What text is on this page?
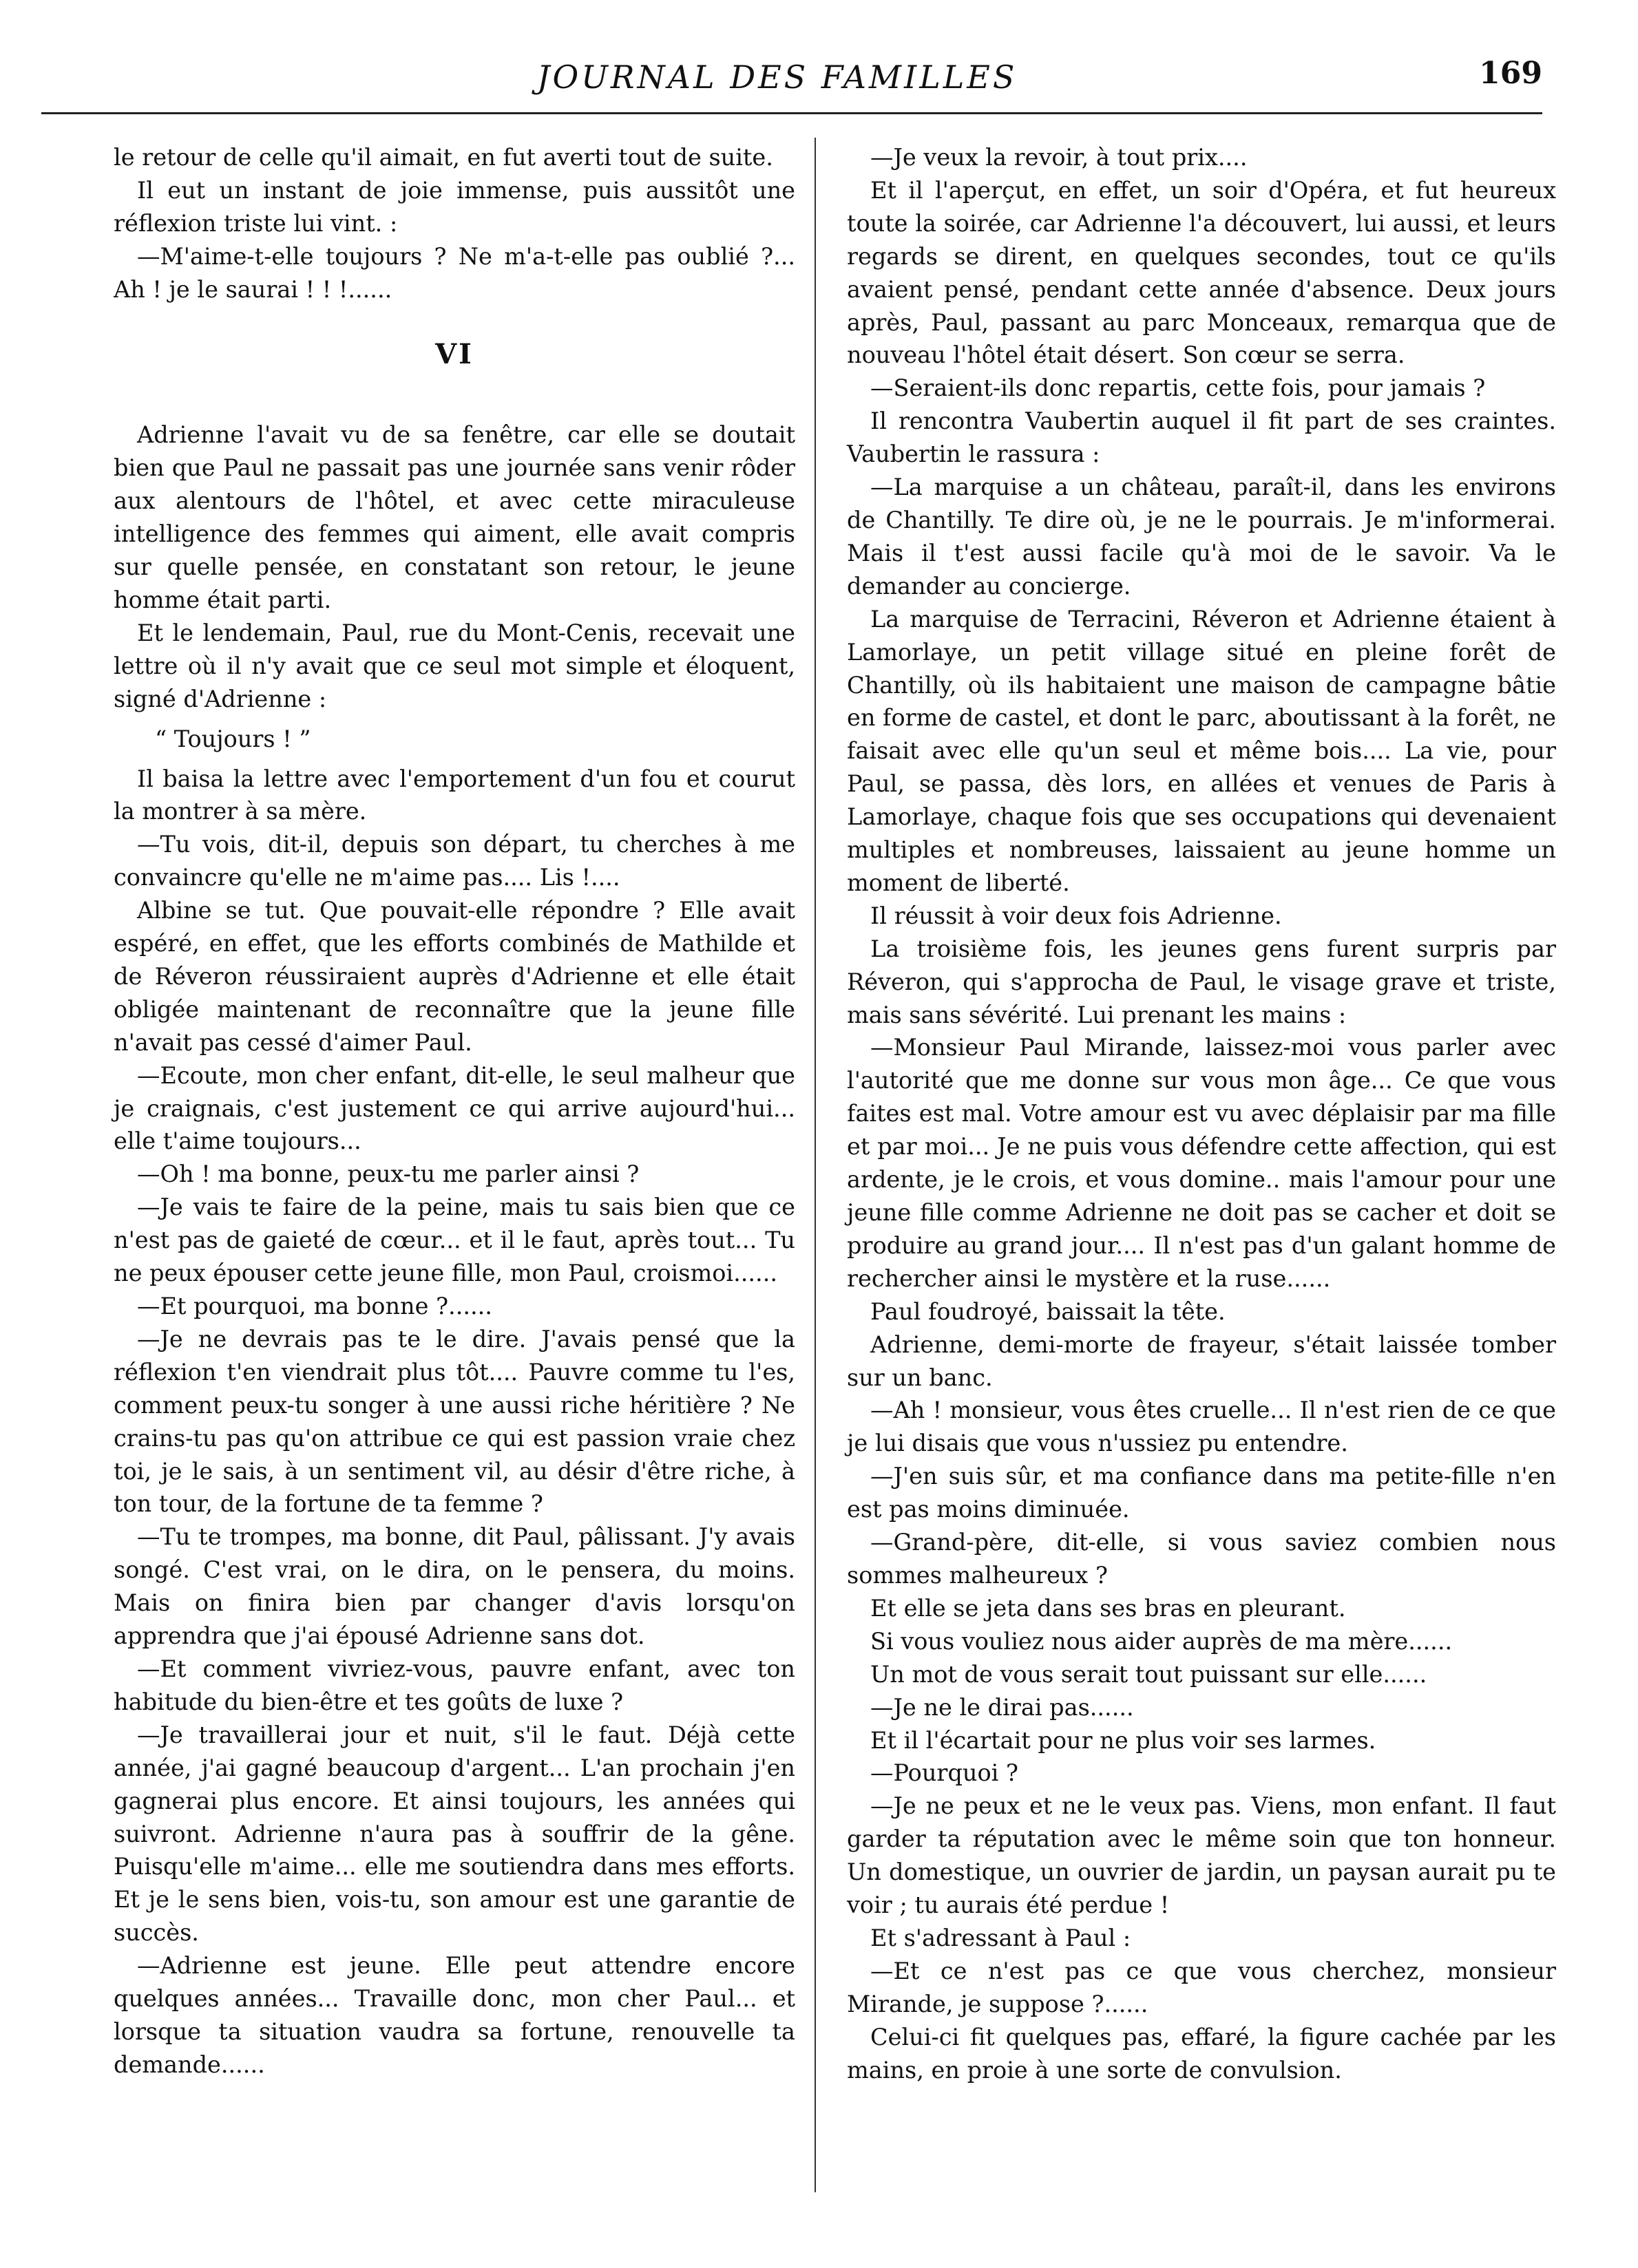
JOURNAL DES FAMILLES	169

le retour de celle qu'il aimait, en fut averti tout de suite.

Il eut un instant de joie immense, puis aussitôt une réflexion triste lui vint. :

—M'aime-t-elle toujours ? Ne m'a-t-elle pas oublié ?... Ah ! je le saurai ! ! !......

VI

Adrienne l'avait vu de sa fenêtre, car elle se doutait bien que Paul ne passait pas une journée sans venir rôder aux alentours de l'hôtel, et avec cette miraculeuse intelligence des femmes qui aiment, elle avait compris sur quelle pensée, en constatant son retour, le jeune homme était parti.

Et le lendemain, Paul, rue du Mont-Cenis, recevait une lettre où il n'y avait que ce seul mot simple et éloquent, signé d'Adrienne :

“ Toujours ! ”

Il baisa la lettre avec l'emportement d'un fou et courut la montrer à sa mère.

—Tu vois, dit-il, depuis son départ, tu cherches à me convaincre qu'elle ne m'aime pas.... Lis !....

Albine se tut. Que pouvait-elle répondre ? Elle avait espéré, en effet, que les efforts combinés de Mathilde et de Réveron réussiraient auprès d'Adrienne et elle était obligée maintenant de reconnaître que la jeune fille n'avait pas cessé d'aimer Paul.

—Ecoute, mon cher enfant, dit-elle, le seul malheur que je craignais, c'est justement ce qui arrive aujourd'hui... elle t'aime toujours...

—Oh ! ma bonne, peux-tu me parler ainsi ?

—Je vais te faire de la peine, mais tu sais bien que ce n'est pas de gaieté de cœur... et il le faut, après tout... Tu ne peux épouser cette jeune fille, mon Paul, croismoi......

—Et pourquoi, ma bonne ?......

—Je ne devrais pas te le dire. J'avais pensé que la réflexion t'en viendrait plus tôt.... Pauvre comme tu l'es, comment peux-tu songer à une aussi riche héritière ? Ne crains-tu pas qu'on attribue ce qui est passion vraie chez toi, je le sais, à un sentiment vil, au désir d'être riche, à ton tour, de la fortune de ta femme ?

—Tu te trompes, ma bonne, dit Paul, pâlissant. J'y avais songé. C'est vrai, on le dira, on le pensera, du moins. Mais on finira bien par changer d'avis lorsqu'on apprendra que j'ai épousé Adrienne sans dot.

—Et comment vivriez-vous, pauvre enfant, avec ton habitude du bien-être et tes goûts de luxe ?

—Je travaillerai jour et nuit, s'il le faut. Déjà cette année, j'ai gagné beaucoup d'argent... L'an prochain j'en gagnerai plus encore. Et ainsi toujours, les années qui suivront. Adrienne n'aura pas à souffrir de la gêne. Puisqu'elle m'aime... elle me soutiendra dans mes efforts. Et je le sens bien, vois-tu, son amour est une garantie de succès.

—Adrienne est jeune. Elle peut attendre encore quelques années... Travaille donc, mon cher Paul... et lorsque ta situation vaudra sa fortune, renouvelle ta demande......

—Je veux la revoir, à tout prix....

Et il l'aperçut, en effet, un soir d'Opéra, et fut heureux toute la soirée, car Adrienne l'a découvert, lui aussi, et leurs regards se dirent, en quelques secondes, tout ce qu'ils avaient pensé, pendant cette année d'absence. Deux jours après, Paul, passant au parc Monceaux, remarqua que de nouveau l'hôtel était désert. Son cœur se serra.

—Seraient-ils donc repartis, cette fois, pour jamais ?

Il rencontra Vaubertin auquel il fit part de ses craintes. Vaubertin le rassura :

—La marquise a un château, paraît-il, dans les environs de Chantilly. Te dire où, je ne le pourrais. Je m'informerai. Mais il t'est aussi facile qu'à moi de le savoir. Va le demander au concierge.

La marquise de Terracini, Réveron et Adrienne étaient à Lamorlaye, un petit village situé en pleine forêt de Chantilly, où ils habitaient une maison de campagne bâtie en forme de castel, et dont le parc, aboutissant à la forêt, ne faisait avec elle qu'un seul et même bois.... La vie, pour Paul, se passa, dès lors, en allées et venues de Paris à Lamorlaye, chaque fois que ses occupations qui devenaient multiples et nombreuses, laissaient au jeune homme un moment de liberté.

Il réussit à voir deux fois Adrienne.

La troisième fois, les jeunes gens furent surpris par Réveron, qui s'approcha de Paul, le visage grave et triste, mais sans sévérité. Lui prenant les mains :

—Monsieur Paul Mirande, laissez-moi vous parler avec l'autorité que me donne sur vous mon âge... Ce que vous faites est mal. Votre amour est vu avec déplaisir par ma fille et par moi... Je ne puis vous défendre cette affection, qui est ardente, je le crois, et vous domine.. mais l'amour pour une jeune fille comme Adrienne ne doit pas se cacher et doit se produire au grand jour.... Il n'est pas d'un galant homme de rechercher ainsi le mystère et la ruse......

Paul foudroyé, baissait la tête.

Adrienne, demi-morte de frayeur, s'était laissée tomber sur un banc.

—Ah ! monsieur, vous êtes cruelle... Il n'est rien de ce que je lui disais que vous n'ussiez pu entendre.

—J'en suis sûr, et ma confiance dans ma petite-fille n'en est pas moins diminuée.

—Grand-père, dit-elle, si vous saviez combien nous sommes malheureux ?

Et elle se jeta dans ses bras en pleurant.

Si vous vouliez nous aider auprès de ma mère......

Un mot de vous serait tout puissant sur elle......

—Je ne le dirai pas......

Et il l'écartait pour ne plus voir ses larmes.

—Pourquoi ?

—Je ne peux et ne le veux pas. Viens, mon enfant. Il faut garder ta réputation avec le même soin que ton honneur. Un domestique, un ouvrier de jardin, un paysan aurait pu te voir ; tu aurais été perdue !

Et s'adressant à Paul :

—Et ce n'est pas ce que vous cherchez, monsieur Mirande, je suppose ?......

Celui-ci fit quelques pas, effaré, la figure cachée par les mains, en proie à une sorte de convulsion.
